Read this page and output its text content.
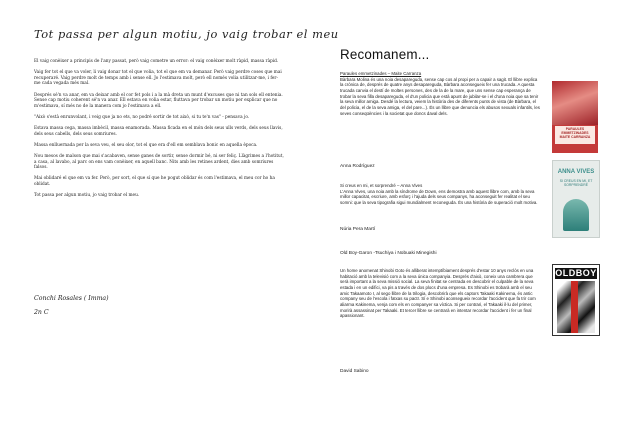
Tot passa per algun motiu, jo vaig trobar el meu

El vaig conèixer a principis de l'any passat, però vaig cometre un error: el vaig conèixer molt ràpid, massa ràpid.

Vaig fer tot el que va voler, li vaig donar tot el que volia, tot el que em va demanar. Però vaig perdre coses que mai recuperaré. Vaig perdre molt de temps amb i sense ell. Jo l'estimava molt, però ell només volia utilitzar-me, i fer-me cada vegada més mal.

Després sé'n va anar, em va deixar amb el cor fet pols i a la mà dreta un munt d'excuses que ni tan sols ell entenia. Sense cap motiu coherent sé'n va anar. Ell estava en volia estar, fluttava per trobar un motiu per explicar que no m'estimava, sí més no de la manera com jo l'estimava a ell.

"Això s'està enrunvolant, i veig que ja no ets, no podré sortir de tot això, si tu te'n vas" - pensava jo.

Estava massa cega, massa imbècil, massa enamorada. Massa ficada en el món dels seus ulls verds, dels seus llavis, dels seus cabells, dels seus somriures.

Massa enlluernada per la seva veu, el seu olor, tot el que era d'ell em semblava bonic en aquella època.

Nou mesos de malson que mai s'acabaven, sense ganes de sortir, sense dormir bé, ni ser feliç. Llàgrimes a l'hotitut, a casa, al lavabo, al parc on ens vam conèixer, en aquell banc. Nits amb les retines ardent, dies amb somriures falsos.

Mai oblidaré el que em va fer. Però, per sort, el que sí que he pogut oblidar és com l'estimava, el meu cor ho ha oblidat.

Tot passa per algun motiu, jo vaig trobar el meu.

Conchi Rosales ( Imma)
2n C
Recomanem...

Paraules emmetzinades – Maite Carranza

Bàrbara Molina és una noia desapareguda, sense cap cos al propi per a capair a sagit. El llibre explica la crònica de, després de quatre anys desapareguda, Bàrbara aconsegueix fer una trucada. A questa trucada canvia el destí de moltes persones, des de la de la mare, que uns sense cap esperança de trobar la seva filla desapareguda, el d'un policia que està apunt de jubilar-se i el d'una noia que sa tenir la seva millor amiga. Desdé la lectura, veiem la història des de diferents punts de vista (de Bàrbara, el del policia, el de la seva amiga, el del pare...). És un llibre que denuncia els abusos sexuals infantils, les seves conseqüències i la societat que doncs daval dels.

Anna Rodríguez

Si creus en mi, et sorprendré – Anna Vives

L'Anna Vives, una noia amb la síndrome de Down, ens demostra amb aquest llibre com, amb la seva millor capacitat, escriure, amb esforç i l'ajuda dels seus companys, ha aconseguit fer realitat el seu somni: que la seva tipografia sigui mundialment reconeguda. És una història de superació molt motiva.

Núria Pera Martí
Old Boy-Garon -Tsuchiya i Nobuaki Minegishi

Un home anomenat Shinobi Goto és alliberat intemptíbiament després d'estar 10 anys reclòs en una habitació amb la televisió com a la seva única companyia. Després d'això, coneix una cambrera que serà important a la seva missió social. La seva finitat se centrada en descobrir el culpable de la seva estada i en un edifici, va pis a través de dos plocs d'una empresa. Es Shinobi es trobarà amb el seu amic Takaamoto I, al sego llibre de la trilogia, descobrirà que els captors Takaaki Kakinema, és antic company seu de l'escola i fatxas su pactr. Sí e Shinobi aconsegueix recordar l'accident que fa trir com aliarma Kakinema, venja com els en companyer sa víctica. Si per contrari, el Takaaki il·lu del primer, morirà assassinat per Takaaki. Et tercer llibre se centrarà en intentar recordar l'accident i fer un final apassionant.

David Sabino
PARAULES EMMETZINADES
MAITE CARRANZA
ANNA VIVES
SI CREUS EN MI, ET SORPRENDRÉ
OLDBOY
